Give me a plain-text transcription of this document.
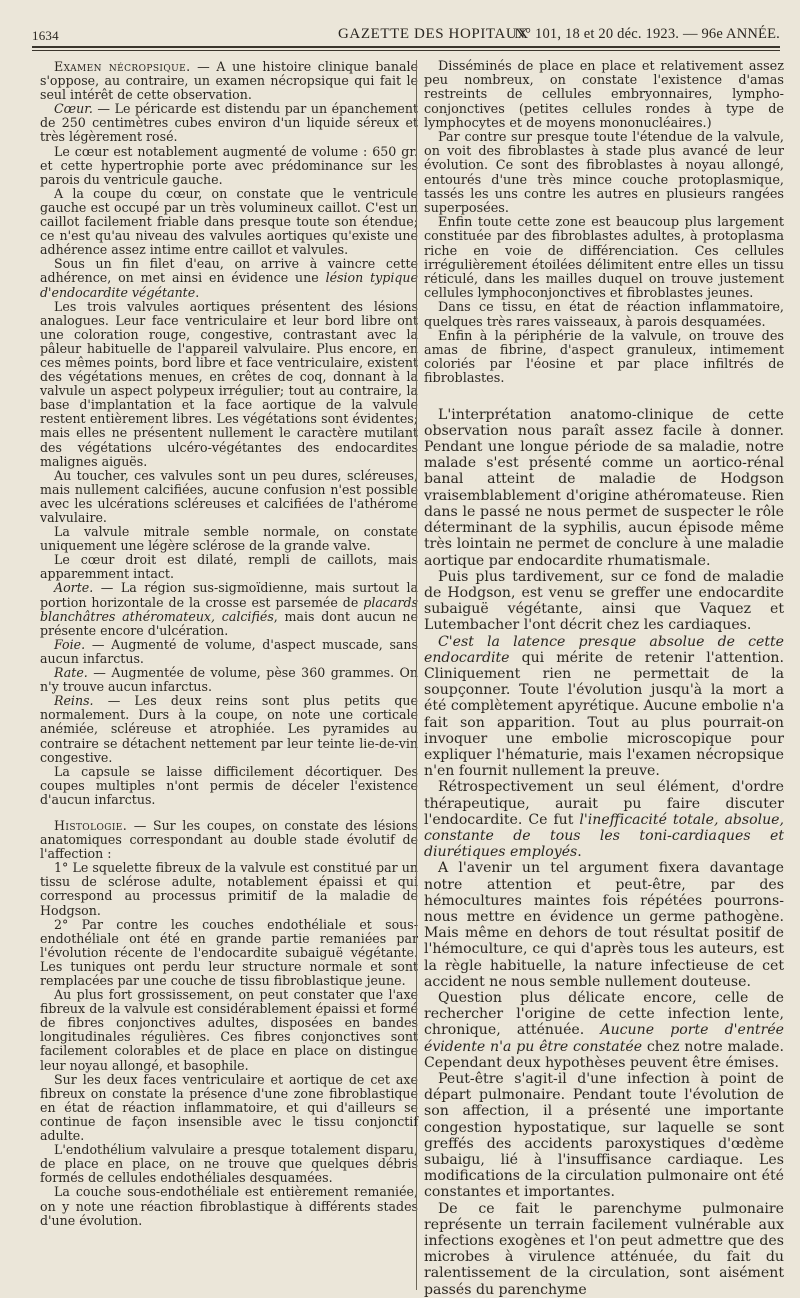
1634	GAZETTE DES HOPITAUX
N° 101, 18 et 20 déc. 1923. — 96e ANNÉE.

Examen nécropsique. — A une histoire clinique banale s'oppose, au contraire, un examen nécropsique qui fait le seul intérêt de cette observation.

Cœur. — Le péricarde est distendu par un épanchement de 250 centimètres cubes environ d'un liquide séreux et très légèrement rosé.

Le cœur est notablement augmenté de volume : 650 gr. et cette hypertrophie porte avec prédominance sur les parois du ventricule gauche.

A la coupe du cœur, on constate que le ventricule gauche est occupé par un très volumineux caillot. C'est un caillot facilement friable dans presque toute son étendue; ce n'est qu'au niveau des valvules aortiques qu'existe une adhérence assez intime entre caillot et valvules.

Sous un fin filet d'eau, on arrive à vaincre cette adhérence, on met ainsi en évidence une lésion typique d'endocardite végétante.

Les trois valvules aortiques présentent des lésions analogues. Leur face ventriculaire et leur bord libre ont une coloration rouge, congestive, contrastant avec la pâleur habituelle de l'appareil valvulaire. Plus encore, en ces mêmes points, bord libre et face ventriculaire, existent des végétations menues, en crêtes de coq, donnant à la valvule un aspect polypeux irrégulier; tout au contraire, la base d'implantation et la face aortique de la valvule restent entièrement libres. Les végétations sont évidentes; mais elles ne présentent nullement le caractère mutilant des végétations ulcéro-végétantes des endocardites malignes aiguës.

Au toucher, ces valvules sont un peu dures, scléreuses, mais nullement calcifiées, aucune confusion n'est possible avec les ulcérations scléreuses et calcifiées de l'athérome valvulaire.

La valvule mitrale semble normale, on constate uniquement une légère sclérose de la grande valve.

Le cœur droit est dilaté, rempli de caillots, mais apparemment intact.

Aorte. — La région sus-sigmoïdienne, mais surtout la portion horizontale de la crosse est parsemée de placards blanchâtres athéromateux, calcifiés, mais dont aucun ne présente encore d'ulcération.

Foie. — Augmenté de volume, d'aspect muscade, sans aucun infarctus.

Rate. — Augmentée de volume, pèse 360 grammes. On n'y trouve aucun infarctus.

Reins. — Les deux reins sont plus petits que normalement. Durs à la coupe, on note une corticale anémiée, scléreuse et atrophiée. Les pyramides au contraire se détachent nettement par leur teinte lie-de-vin congestive.

La capsule se laisse difficilement décortiquer. Des coupes multiples n'ont permis de déceler l'existence d'aucun infarctus.

Histologie. — Sur les coupes, on constate des lésions anatomiques correspondant au double stade évolutif de l'affection :

1° Le squelette fibreux de la valvule est constitué par un tissu de sclérose adulte, notablement épaissi et qui correspond au processus primitif de la maladie de Hodgson.

2° Par contre les couches endothéliale et sous-endothéliale ont été en grande partie remaniées par l'évolution récente de l'endocardite subaiguë végétante. Les tuniques ont perdu leur structure normale et sont remplacées par une couche de tissu fibroblastique jeune.

Au plus fort grossissement, on peut constater que l'axe fibreux de la valvule est considérablement épaissi et formé de fibres conjonctives adultes, disposées en bandes longitudinales régulières. Ces fibres conjonctives sont facilement colorables et de place en place on distingue leur noyau allongé, et basophile.

Sur les deux faces ventriculaire et aortique de cet axe fibreux on constate la présence d'une zone fibroblastique en état de réaction inflammatoire, et qui d'ailleurs se continue de façon insensible avec le tissu conjonctif adulte.

L'endothélium valvulaire a presque totalement disparu, de place en place, on ne trouve que quelques débris formés de cellules endothéliales desquamées.

La couche sous-endothéliale est entièrement remaniée, on y note une réaction fibroblastique à différents stades d'une évolution.

Disséminés de place en place et relativement assez peu nombreux, on constate l'existence d'amas restreints de cellules embryonnaires, lympho-conjonctives (petites cellules rondes à type de lymphocytes et de moyens mononucléaires.)

Par contre sur presque toute l'étendue de la valvule, on voit des fibroblastes à stade plus avancé de leur évolution. Ce sont des fibroblastes à noyau allongé, entourés d'une très mince couche protoplasmique, tassés les uns contre les autres en plusieurs rangées superposées.

Enfin toute cette zone est beaucoup plus largement constituée par des fibroblastes adultes, à protoplasma riche en voie de différenciation. Ces cellules irrégulièrement étoilées délimitent entre elles un tissu réticulé, dans les mailles duquel on trouve justement cellules lymphoconjonctives et fibroblastes jeunes.

Dans ce tissu, en état de réaction inflammatoire, quelques très rares vaisseaux, à parois desquamées.

Enfin à la périphérie de la valvule, on trouve des amas de fibrine, d'aspect granuleux, intimement coloriés par l'éosine et par place infiltrés de fibroblastes.

L'interprétation anatomo-clinique de cette observation nous paraît assez facile à donner. Pendant une longue période de sa maladie, notre malade s'est présenté comme un aortico-rénal banal atteint de maladie de Hodgson vraisemblablement d'origine athéromateuse. Rien dans le passé ne nous permet de suspecter le rôle déterminant de la syphilis, aucun épisode même très lointain ne permet de conclure à une maladie aortique par endocardite rhumatismale.

Puis plus tardivement, sur ce fond de maladie de Hodgson, est venu se greffer une endocardite subaiguë végétante, ainsi que Vaquez et Lutembacher l'ont décrit chez les cardiaques.

C'est la latence presque absolue de cette endocardite qui mérite de retenir l'attention. Cliniquement rien ne permettait de la soupçonner. Toute l'évolution jusqu'à la mort a été complètement apyrétique. Aucune embolie n'a fait son apparition. Tout au plus pourrait-on invoquer une embolie microscopique pour expliquer l'hématurie, mais l'examen nécropsique n'en fournit nullement la preuve.

Rétrospectivement un seul élément, d'ordre thérapeutique, aurait pu faire discuter l'endocardite. Ce fut l'inefficacité totale, absolue, constante de tous les toni-cardiaques et diurétiques employés.

A l'avenir un tel argument fixera davantage notre attention et peut-être, par des hémocultures maintes fois répétées pourrons-nous mettre en évidence un germe pathogène. Mais même en dehors de tout résultat positif de l'hémoculture, ce qui d'après tous les auteurs, est la règle habituelle, la nature infectieuse de cet accident ne nous semble nullement douteuse.

Question plus délicate encore, celle de rechercher l'origine de cette infection lente, chronique, atténuée. Aucune porte d'entrée évidente n'a pu être constatée chez notre malade. Cependant deux hypothèses peuvent être émises.

Peut-être s'agit-il d'une infection à point de départ pulmonaire. Pendant toute l'évolution de son affection, il a présenté une importante congestion hypostatique, sur laquelle se sont greffés des accidents paroxystiques d'œdème subaigu, lié à l'insuffisance cardiaque. Les modifications de la circulation pulmonaire ont été constantes et importantes.

De ce fait le parenchyme pulmonaire représente un terrain facilement vulnérable aux infections exogènes et l'on peut admettre que des microbes à virulence atténuée, du fait du ralentissement de la circulation, sont aisément passés du parenchyme
